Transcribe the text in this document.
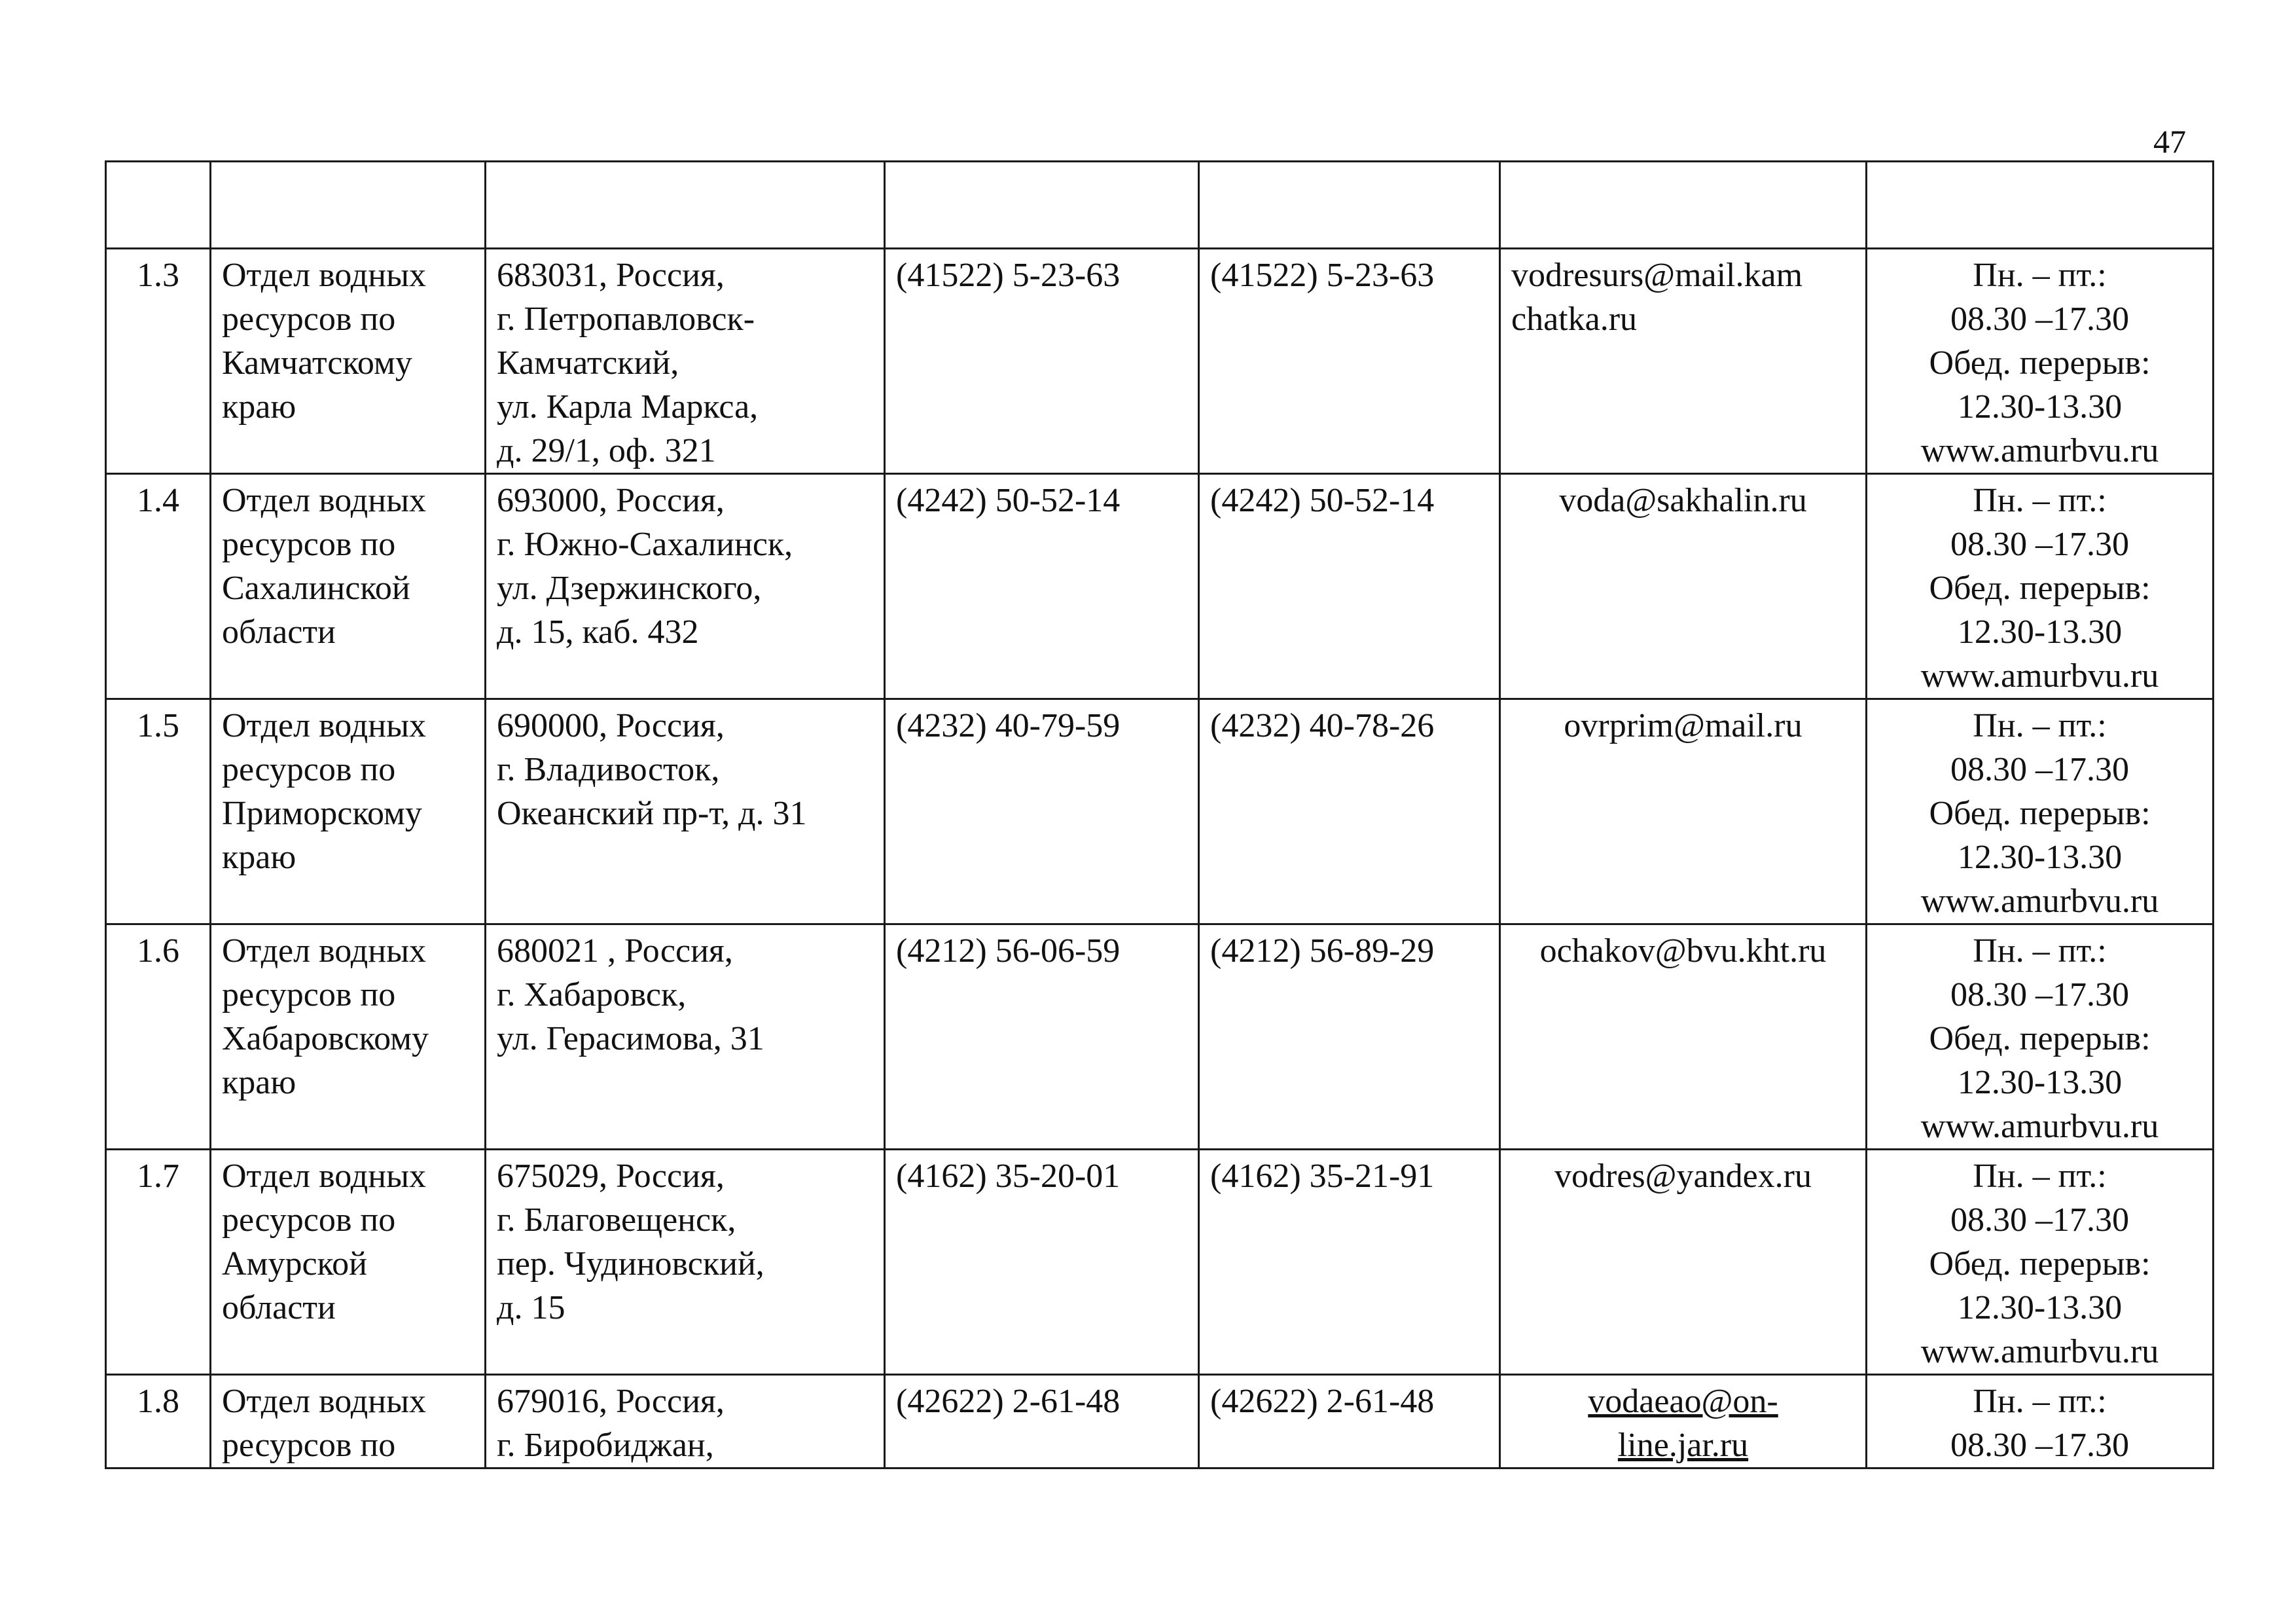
47

1.3	Отдел водных
ресурсов по
Камчатскому
краю	683031, Россия,
г. Петропавловск-
Камчатский,
ул. Карла Маркса,
д. 29/1, оф. 321	(41522) 5-23-63	(41522) 5-23-63	vodresurs@mail.kam
chatka.ru	Пн. – пт.:
08.30 –17.30
Обед. перерыв:
12.30-13.30
www.amurbvu.ru

1.4	Отдел водных
ресурсов по
Сахалинской
области	693000, Россия,
г. Южно-Сахалинск,
ул. Дзержинского,
д. 15, каб. 432	(4242) 50-52-14	(4242) 50-52-14	voda@sakhalin.ru	Пн. – пт.:
08.30 –17.30
Обед. перерыв:
12.30-13.30
www.amurbvu.ru

1.5	Отдел водных
ресурсов по
Приморскому
краю	690000, Россия,
г. Владивосток,
Океанский пр-т, д. 31	(4232) 40-79-59	(4232) 40-78-26	ovrprim@mail.ru	Пн. – пт.:
08.30 –17.30
Обед. перерыв:
12.30-13.30
www.amurbvu.ru

1.6	Отдел водных
ресурсов по
Хабаровскому
краю	680021 , Россия,
г. Хабаровск,
ул. Герасимова, 31	(4212) 56-06-59	(4212) 56-89-29	ochakov@bvu.kht.ru	Пн. – пт.:
08.30 –17.30
Обед. перерыв:
12.30-13.30
www.amurbvu.ru

1.7	Отдел водных
ресурсов по
Амурской
области	675029, Россия,
г. Благовещенск,
пер. Чудиновский,
д. 15	(4162) 35-20-01	(4162) 35-21-91	vodres@yandex.ru	Пн. – пт.:
08.30 –17.30
Обед. перерыв:
12.30-13.30
www.amurbvu.ru

1.8	Отдел водных
ресурсов по	679016, Россия,
г. Биробиджан,	(42622) 2-61-48	(42622) 2-61-48	vodaeao@on-
line.jar.ru	Пн. – пт.:
08.30 –17.30
